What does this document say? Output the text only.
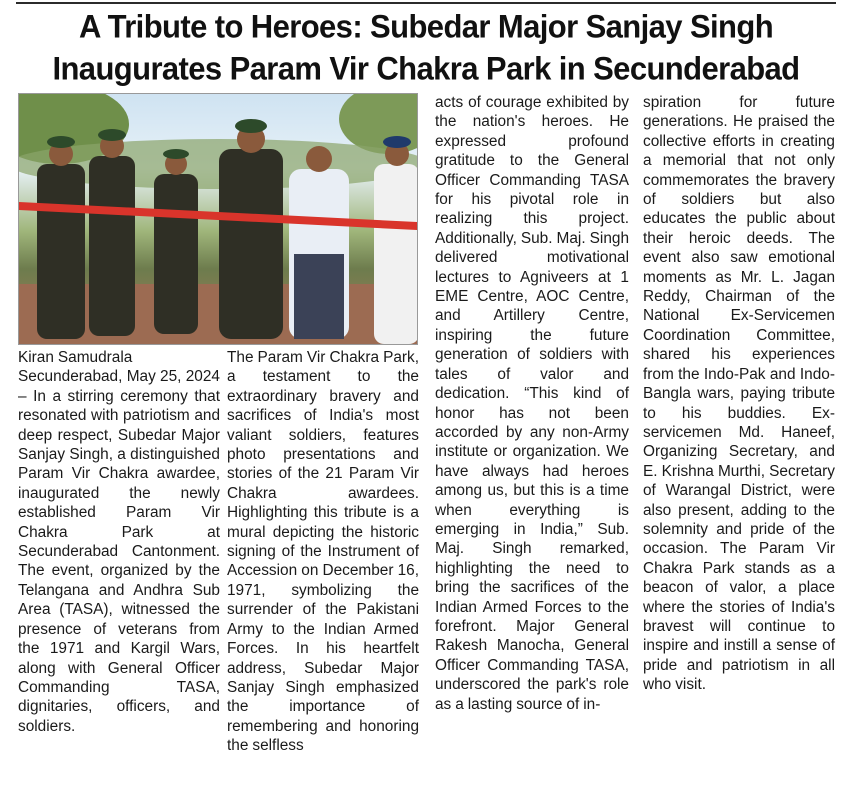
A Tribute to Heroes: Subedar Major Sanjay Singh
Inaugurates Param Vir Chakra Park in Secunderabad
Kiran Samudrala

Secunderabad, May 25, 2024 – In a stirring ceremony that resonated with patriotism and deep respect, Subedar Major Sanjay Singh, a distinguished Param Vir Chakra awardee, inaugurated the newly established Param Vir Chakra Park at Secunderabad Cantonment. The event, organized by the Telangana and Andhra Sub Area (TASA), witnessed the presence of veterans from the 1971 and Kargil Wars, along with General Officer Commanding TASA, dignitaries, officers, and soldiers.

The Param Vir Chakra Park, a testament to the extraordinary bravery and sacrifices of India's most valiant soldiers, features photo presentations and stories of the 21 Param Vir Chakra awardees. Highlighting this tribute is a mural depicting the historic signing of the Instrument of Accession on December 16, 1971, symbolizing the surrender of the Pakistani Army to the Indian Armed Forces. In his heartfelt address, Subedar Major Sanjay Singh emphasized the importance of remembering and honoring the selfless

acts of courage exhibited by the nation's heroes. He expressed profound gratitude to the General Officer Commanding TASA for his pivotal role in realizing this project. Additionally, Sub. Maj. Singh delivered motivational lectures to Agniveers at 1 EME Centre, AOC Centre, and Artillery Centre, inspiring the future generation of soldiers with tales of valor and dedication. “This kind of honor has not been accorded by any non-Army institute or organization. We have always had heroes among us, but this is a time when everything is emerging in India,” Sub. Maj. Singh remarked, highlighting the need to bring the sacrifices of the Indian Armed Forces to the forefront. Major General Rakesh Manocha, General Officer Commanding TASA, underscored the park's role as a lasting source of in-

spiration for future generations. He praised the collective efforts in creating a memorial that not only commemorates the bravery of soldiers but also educates the public about their heroic deeds. The event also saw emotional moments as Mr. L. Jagan Reddy, Chairman of the National Ex-Servicemen Coordination Committee, shared his experiences from the Indo-Pak and Indo-Bangla wars, paying tribute to his buddies. Ex-servicemen Md. Haneef, Organizing Secretary, and E. Krishna Murthi, Secretary of Warangal District, were also present, adding to the solemnity and pride of the occasion. The Param Vir Chakra Park stands as a beacon of valor, a place where the stories of India's bravest will continue to inspire and instill a sense of pride and patriotism in all who visit.
